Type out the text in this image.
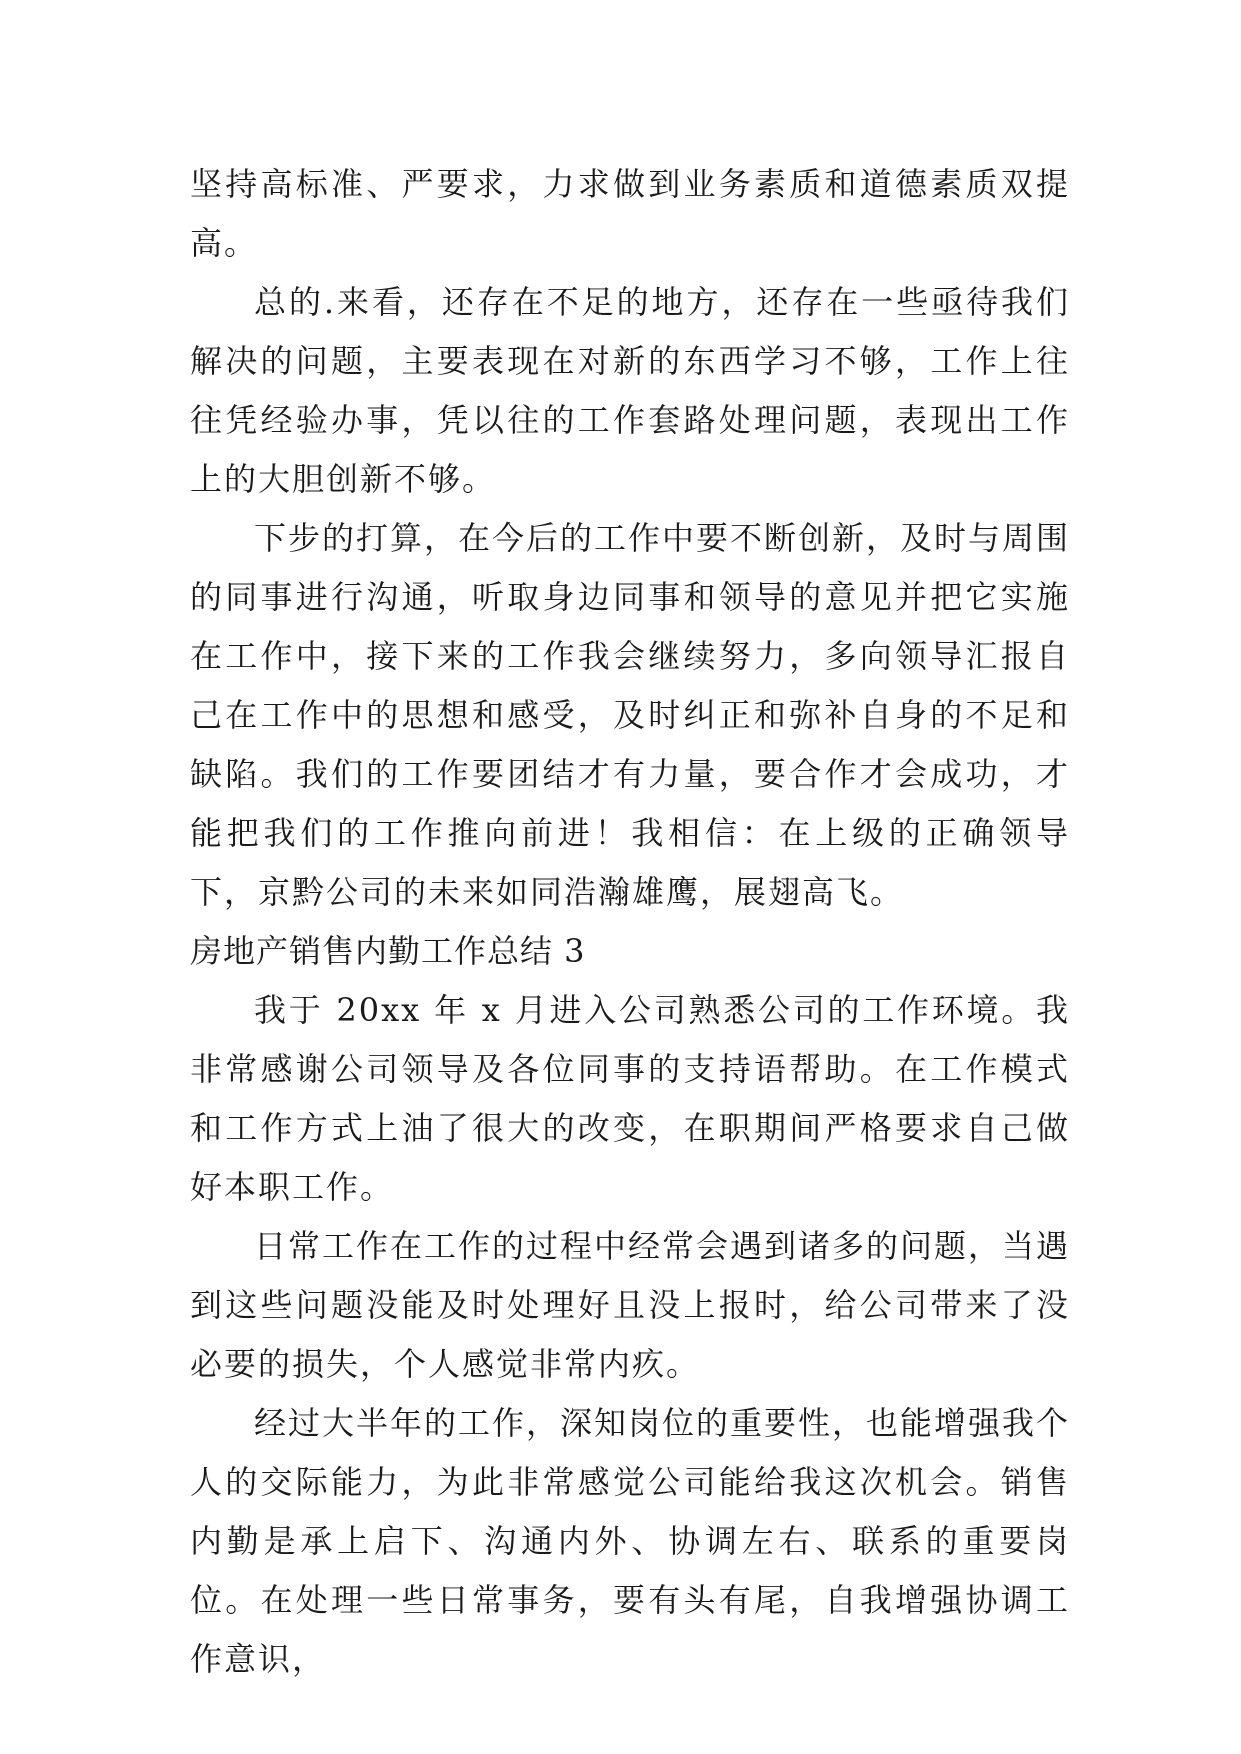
坚持高标准、严要求，力求做到业务素质和道德素质双提高。

总的.来看，还存在不足的地方，还存在一些亟待我们解决的问题，主要表现在对新的东西学习不够，工作上往往凭经验办事，凭以往的工作套路处理问题，表现出工作上的大胆创新不够。

下步的打算，在今后的工作中要不断创新，及时与周围的同事进行沟通，听取身边同事和领导的意见并把它实施在工作中，接下来的工作我会继续努力，多向领导汇报自己在工作中的思想和感受，及时纠正和弥补自身的不足和缺陷。我们的工作要团结才有力量，要合作才会成功，才能把我们的工作推向前进！我相信：在上级的正确领导下，京黔公司的未来如同浩瀚雄鹰，展翅高飞。

房地产销售内勤工作总结 3

我于 20xx 年 x 月进入公司熟悉公司的工作环境。我非常感谢公司领导及各位同事的支持语帮助。在工作模式和工作方式上油了很大的改变，在职期间严格要求自己做好本职工作。

日常工作在工作的过程中经常会遇到诸多的问题，当遇到这些问题没能及时处理好且没上报时，给公司带来了没必要的损失，个人感觉非常内疚。

经过大半年的工作，深知岗位的重要性，也能增强我个人的交际能力，为此非常感觉公司能给我这次机会。销售内勤是承上启下、沟通内外、协调左右、联系的重要岗位。在处理一些日常事务，要有头有尾，自我增强协调工作意识，
